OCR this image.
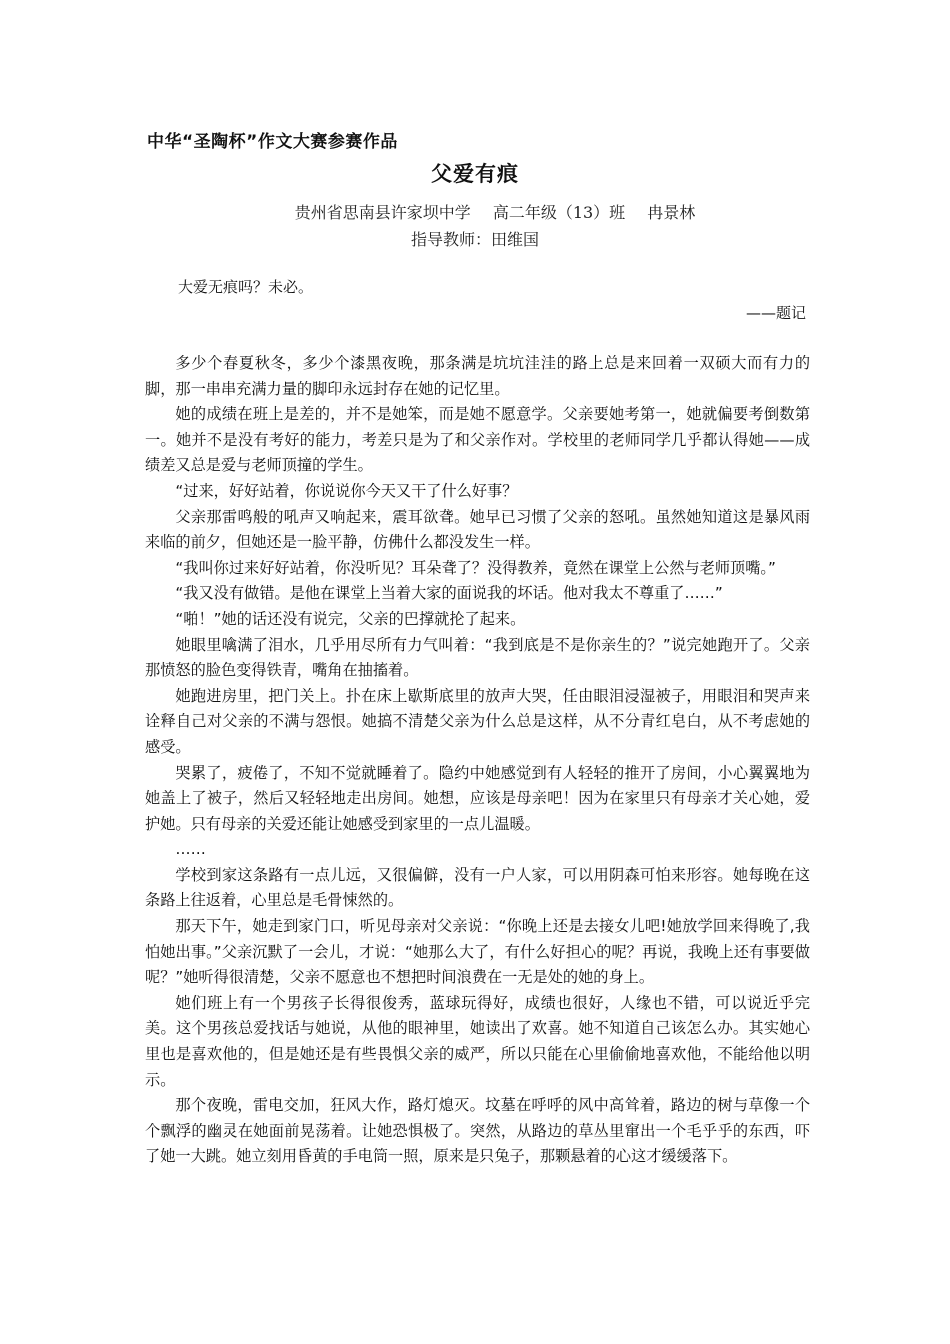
中华“圣陶杯”作文大赛参赛作品
父爱有痕
贵州省思南县许家坝中学 高二年级（13）班 冉景林
指导教师：田维国
大爱无痕吗？未必。
——题记

多少个春夏秋冬，多少个漆黑夜晚，那条满是坑坑洼洼的路上总是来回着一双硕大而有力的脚，那一串串充满力量的脚印永远封存在她的记忆里。

她的成绩在班上是差的，并不是她笨，而是她不愿意学。父亲要她考第一，她就偏要考倒数第一。她并不是没有考好的能力，考差只是为了和父亲作对。学校里的老师同学几乎都认得她——成绩差又总是爱与老师顶撞的学生。

“过来，好好站着，你说说你今天又干了什么好事？

父亲那雷鸣般的吼声又响起来，震耳欲聋。她早已习惯了父亲的怒吼。虽然她知道这是暴风雨来临的前夕，但她还是一脸平静，仿佛什么都没发生一样。

“我叫你过来好好站着，你没听见？耳朵聋了？没得教养，竟然在课堂上公然与老师顶嘴。”

“我又没有做错。是他在课堂上当着大家的面说我的坏话。他对我太不尊重了……”

“啪！”她的话还没有说完，父亲的巴撑就抡了起来。

她眼里噙满了泪水，几乎用尽所有力气叫着：“我到底是不是你亲生的？”说完她跑开了。父亲那愤怒的脸色变得铁青，嘴角在抽搐着。

她跑进房里，把门关上。扑在床上歇斯底里的放声大哭，任由眼泪浸湿被子，用眼泪和哭声来诠释自己对父亲的不满与怨恨。她搞不清楚父亲为什么总是这样，从不分青红皂白，从不考虑她的感受。

哭累了，疲倦了，不知不觉就睡着了。隐约中她感觉到有人轻轻的推开了房间，小心翼翼地为她盖上了被子，然后又轻轻地走出房间。她想，应该是母亲吧！因为在家里只有母亲才关心她，爱护她。只有母亲的关爱还能让她感受到家里的一点儿温暖。

……

学校到家这条路有一点儿远，又很偏僻，没有一户人家，可以用阴森可怕来形容。她每晚在这条路上往返着，心里总是毛骨悚然的。

那天下午，她走到家门口，听见母亲对父亲说：“你晚上还是去接女儿吧!她放学回来得晚了,我怕她出事。”父亲沉默了一会儿，才说：“她那么大了，有什么好担心的呢？再说，我晚上还有事要做呢？”她听得很清楚，父亲不愿意也不想把时间浪费在一无是处的她的身上。

她们班上有一个男孩子长得很俊秀，蓝球玩得好，成绩也很好，人缘也不错，可以说近乎完美。这个男孩总爱找话与她说，从他的眼神里，她读出了欢喜。她不知道自己该怎么办。其实她心里也是喜欢他的，但是她还是有些畏惧父亲的威严，所以只能在心里偷偷地喜欢他，不能给他以明示。

那个夜晚，雷电交加，狂风大作，路灯熄灭。坟墓在呼呼的风中高耸着，路边的树与草像一个个飘浮的幽灵在她面前晃荡着。让她恐惧极了。突然，从路边的草丛里窜出一个毛乎乎的东西，吓了她一大跳。她立刻用昏黄的手电筒一照，原来是只兔子，那颗悬着的心这才缓缓落下。
